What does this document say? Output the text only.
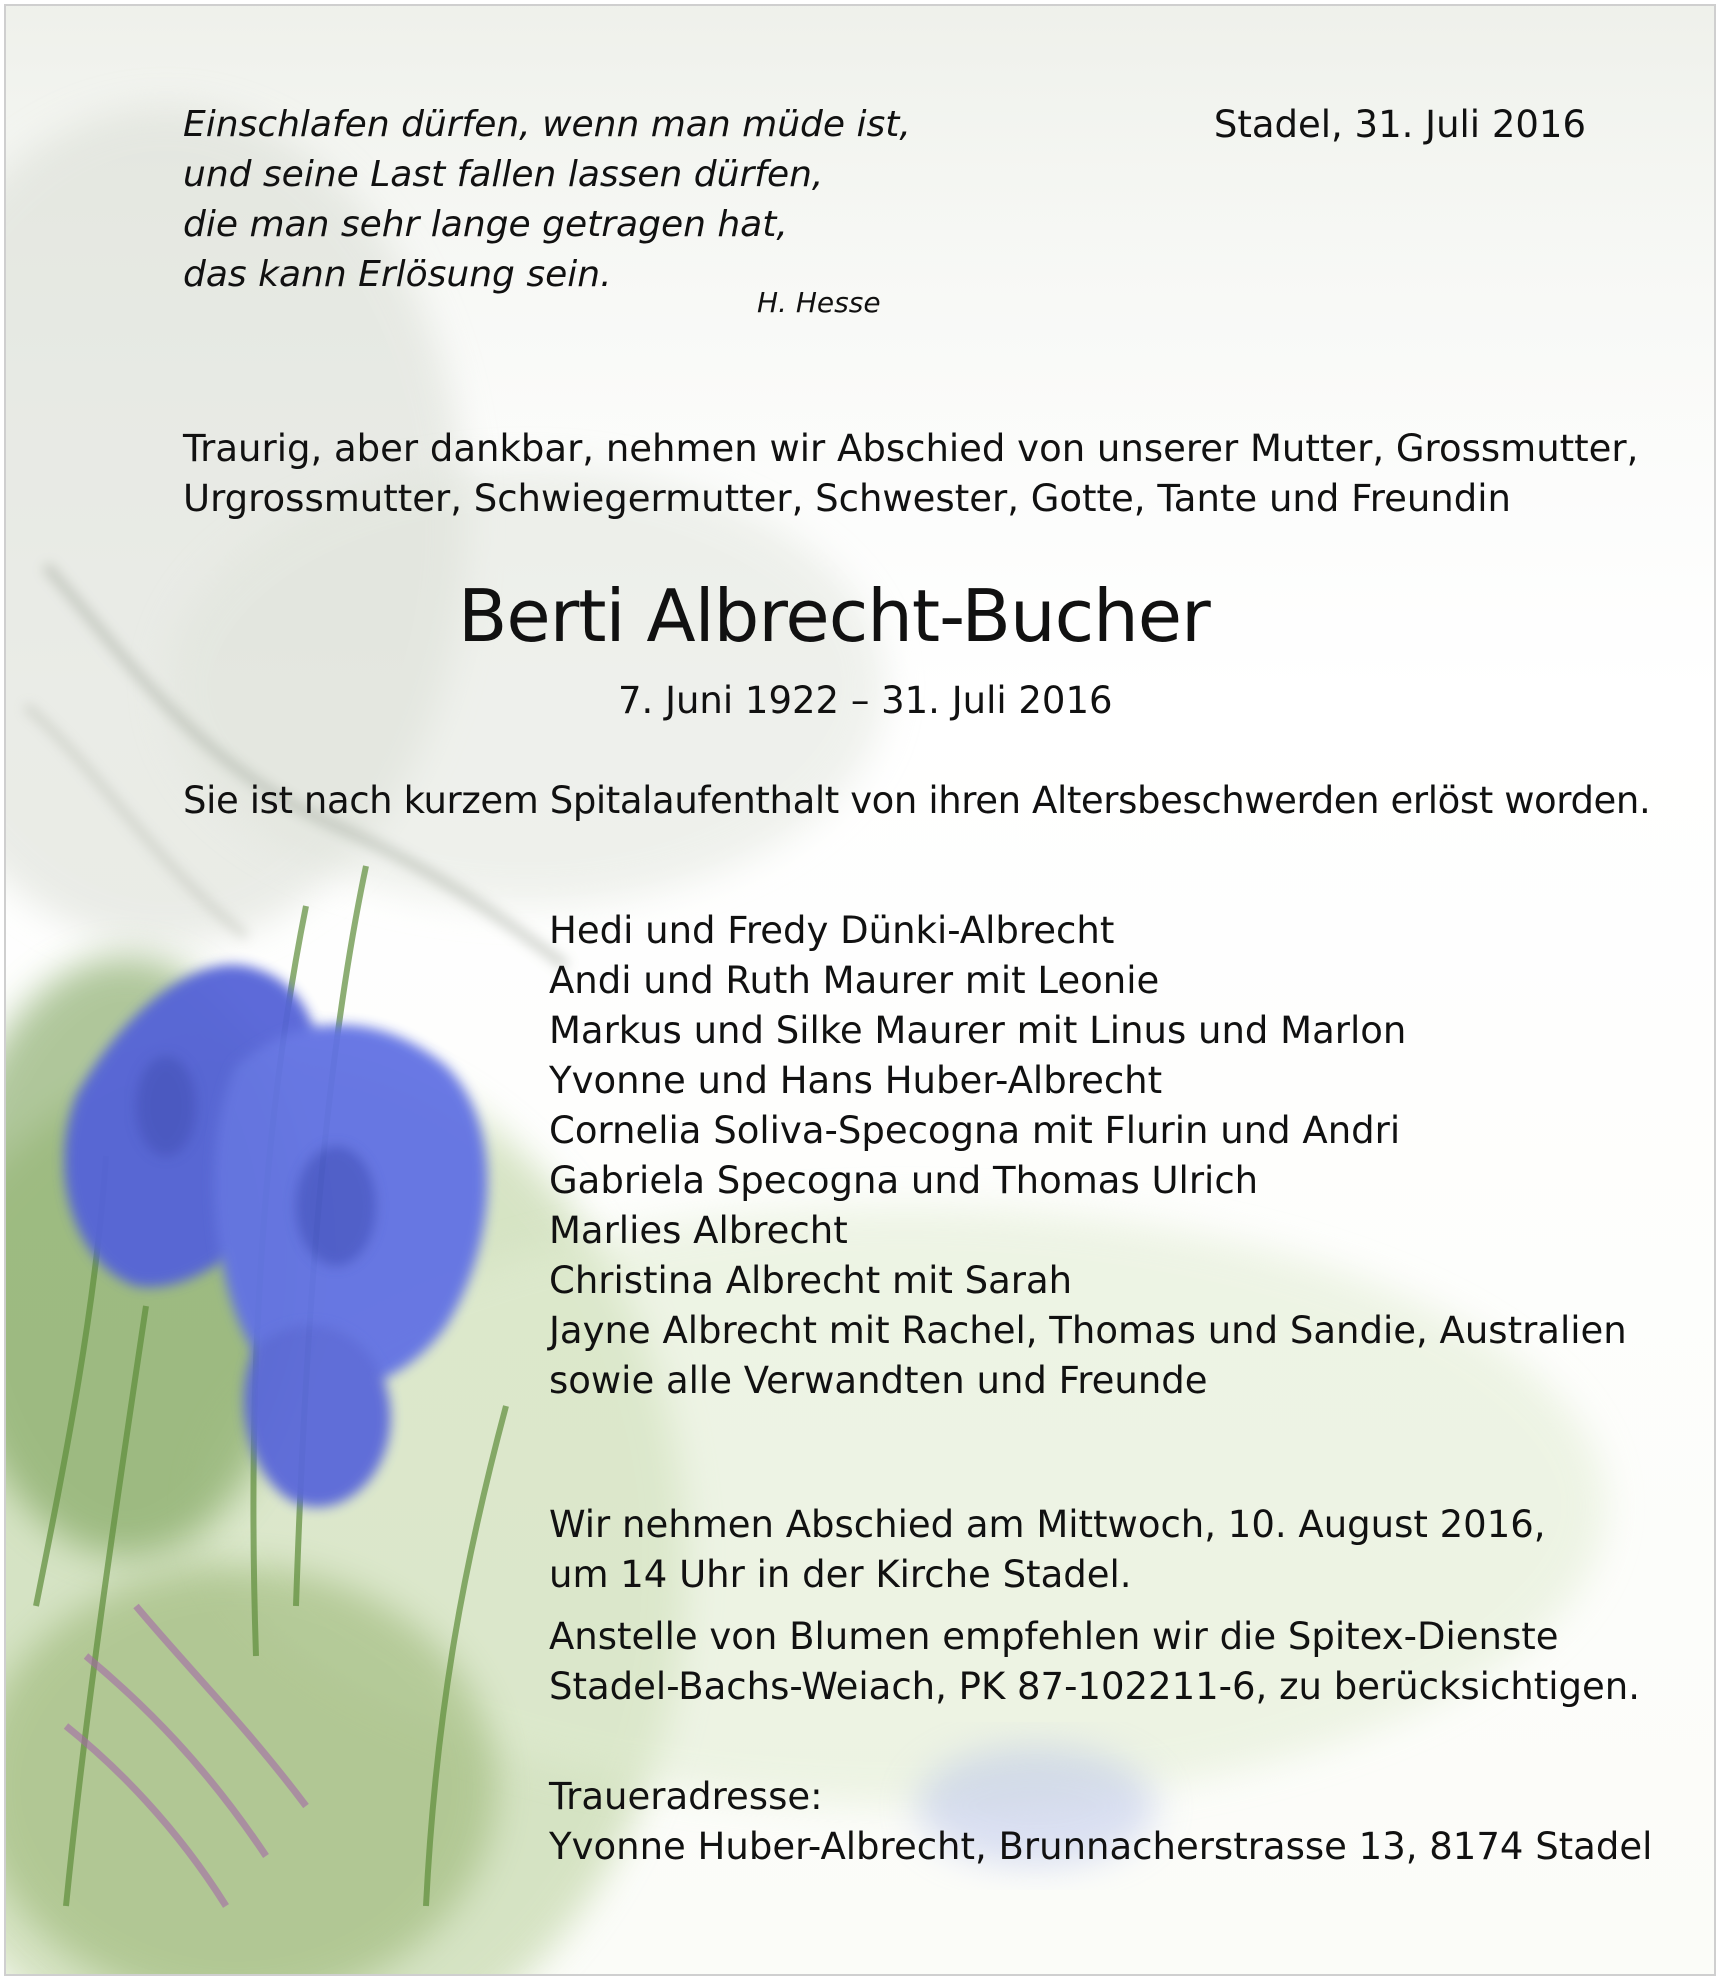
Einschlafen dürfen, wenn man müde ist,
und seine Last fallen lassen dürfen,
die man sehr lange getragen hat,
das kann Erlösung sein.
H. Hesse
Stadel, 31. Juli 2016
Traurig, aber dankbar, nehmen wir Abschied von unserer Mutter, Grossmutter,
Urgrossmutter, Schwiegermutter, Schwester, Gotte, Tante und Freundin
Berti Albrecht-Bucher
7. Juni 1922 – 31. Juli 2016
Sie ist nach kurzem Spitalaufenthalt von ihren Altersbeschwerden erlöst worden.
Hedi und Fredy Dünki-Albrecht
Andi und Ruth Maurer mit Leonie
Markus und Silke Maurer mit Linus und Marlon
Yvonne und Hans Huber-Albrecht
Cornelia Soliva-Specogna mit Flurin und Andri
Gabriela Specogna und Thomas Ulrich
Marlies Albrecht
Christina Albrecht mit Sarah
Jayne Albrecht mit Rachel, Thomas und Sandie, Australien
sowie alle Verwandten und Freunde
Wir nehmen Abschied am Mittwoch, 10. August 2016,
um 14 Uhr in der Kirche Stadel.
Anstelle von Blumen empfehlen wir die Spitex-Dienste
Stadel-Bachs-Weiach, PK 87-102211-6, zu berücksichtigen.
Traueradresse:
Yvonne Huber-Albrecht, Brunnacherstrasse 13, 8174 Stadel
